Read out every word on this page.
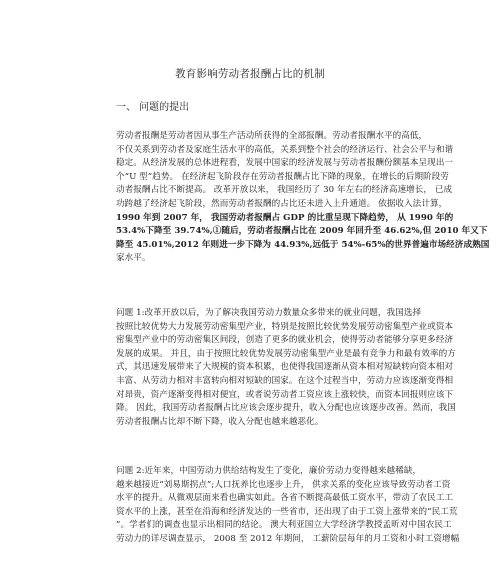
教育影响劳动者报酬占比的机制
一、 问题的提出
劳动者报酬是劳动者因从事生产活动所获得的全部报酬。劳动者报酬水平的高低，
不仅关系到劳动者及家庭生活水平的高低，关系到整个社会的经济运行、社会公平与和谐
稳定。从经济发展的总体进程看，发展中国家的经济发展与劳动者报酬份额基本呈现出一
个“U 型”趋势。 在经济起飞阶段存在劳动者报酬占比下降的现象，在增长的后期阶段劳
动者报酬占比不断提高。 改革开放以来， 我国经历了 30 年左右的经济高速增长， 已成
功跨越了经济起飞阶段，然而劳动者报酬的占比还未进入上升通道。 依据收入法计算，
1990 年到 2007 年， 我国劳动者报酬占 GDP 的比重呈现下降趋势， 从 1990 年的
53.4%下降至 39.74%,①随后，劳动者报酬占比在 2009 年回升至 46.62%,但 2010 年又下
降至 45.01%,2012 年则进一步下降为 44.93%,远低于 54%-65%的世界普遍市场经济成熟国
家水平。
问题 1:改革开放以后，为了解决我国劳动力数量众多带来的就业问题，我国选择
按照比较优势大力发展劳动密集型产业，特别是按照比较优势发展劳动密集型产业或资本
密集型产业中的劳动密集区间段，创造了更多的就业机会，使得劳动者能够分享更多经济
发展的成果。 并且，由于按照比较优势发展劳动密集型产业是最有竞争力和最有效率的方
式，其迅速发展带来了大规模的资本积累，也使得我国逐渐从资本相对短缺转向资本相对
丰富、从劳动力相对丰富转向相对短缺的国家。在这个过程当中，劳动力应该逐渐变得相
对昂贵，资产逐渐变得相对便宜，或者说劳动者工资应该上涨较快，而资本回报则应该下
降。 因此，我国劳动者报酬占比应该会逐步提升，收入分配也应该逐步改善。然而，我国
劳动者报酬占比却不断下降，收入分配也越来越恶化。
问题 2:近年来，中国劳动力供给结构发生了变化，廉价劳动力变得越来越稀缺，
越来越接近“刘易斯拐点”;人口抚养比也逐步上升， 供求关系的变化应该导致劳动者工资
水平的提升。从微观层面来看也确实如此。各省不断提高最低工资水平，带动了农民工工
资水平的上涨，甚至在沿海和经济发达的一些省市，还出现了由于工资上涨带来的“民工荒
”。学者们的调查也显示出相同的结论。 澳大利亚国立大学经济学教授孟昕对中国农民工
劳动力的详尽调查显示， 2008 至 2012 年期间， 工薪阶层每年的月工资和小时工资增幅
